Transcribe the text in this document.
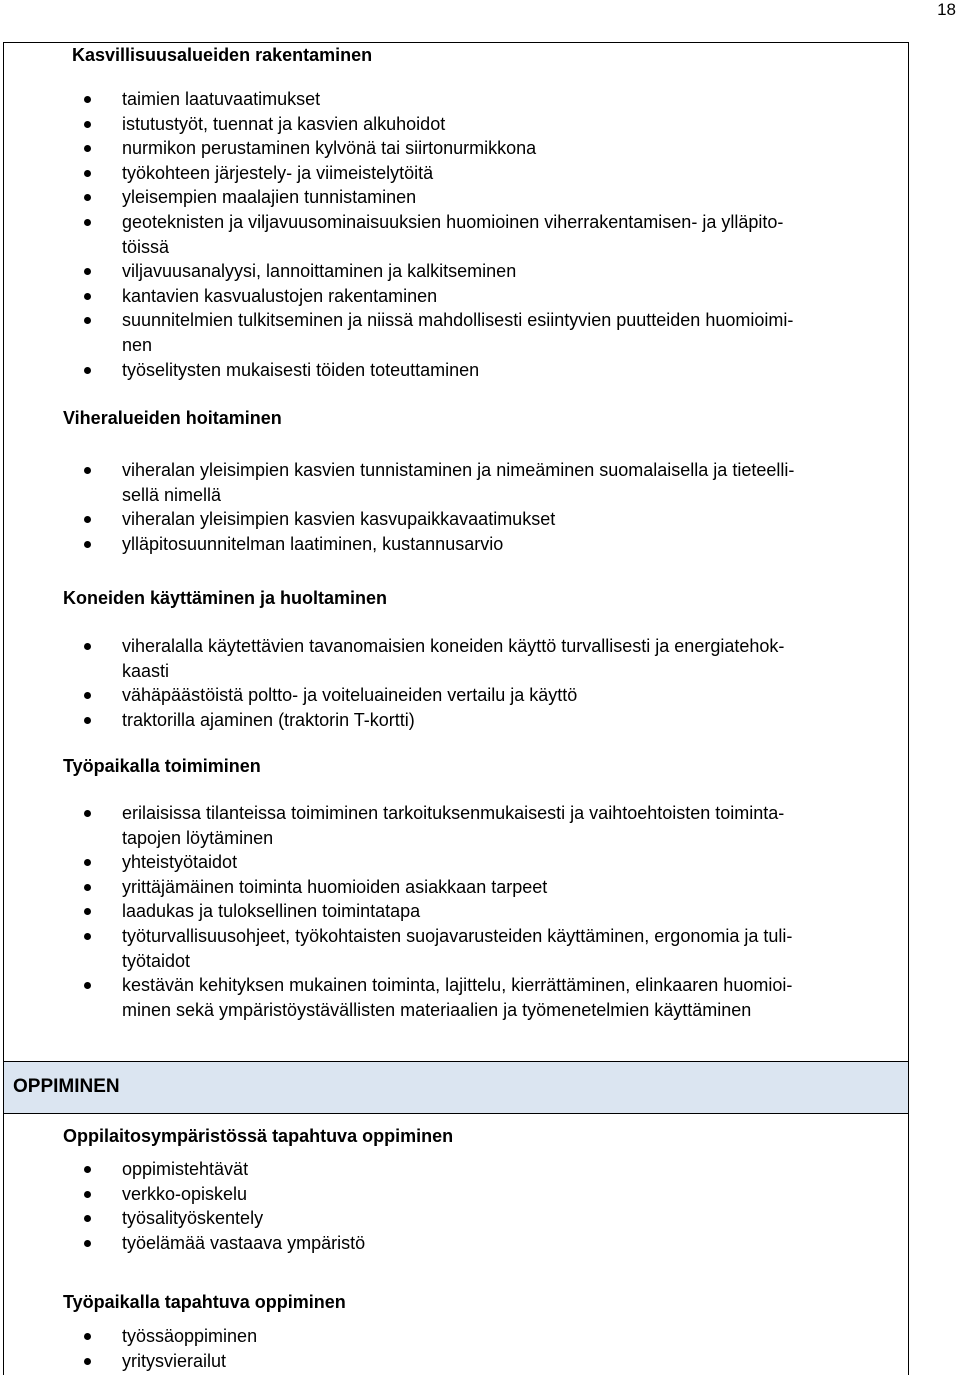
18
Kasvillisuusalueiden rakentaminen
taimien laatuvaatimukset
istutustyöt, tuennat ja kasvien alkuhoidot
nurmikon perustaminen kylvönä tai siirtonurmikkona
työkohteen järjestely- ja viimeistelytöitä
yleisempien maalajien tunnistaminen
geoteknisten ja viljavuusominaisuuksien huomioinen viherrakentamisen- ja ylläpito-
töissä
viljavuusanalyysi, lannoittaminen ja kalkitseminen
kantavien kasvualustojen rakentaminen
suunnitelmien tulkitseminen ja niissä mahdollisesti esiintyvien puutteiden huomioimi-
nen
työselitysten mukaisesti töiden toteuttaminen
Viheralueiden hoitaminen
viheralan yleisimpien kasvien tunnistaminen ja nimeäminen suomalaisella ja tieteelli-
sellä nimellä
viheralan yleisimpien kasvien kasvupaikkavaatimukset
ylläpitosuunnitelman laatiminen, kustannusarvio
Koneiden käyttäminen ja huoltaminen
viheralalla käytettävien tavanomaisien koneiden käyttö turvallisesti ja energiatehok-
kaasti
vähäpäästöistä poltto- ja voiteluaineiden vertailu ja käyttö
traktorilla ajaminen (traktorin T-kortti)
Työpaikalla toimiminen
erilaisissa tilanteissa toimiminen tarkoituksenmukaisesti ja vaihtoehtoisten toiminta-
tapojen löytäminen
yhteistyötaidot
yrittäjämäinen toiminta huomioiden asiakkaan tarpeet
laadukas ja tuloksellinen toimintatapa
työturvallisuusohjeet, työkohtaisten suojavarusteiden käyttäminen, ergonomia ja tuli-
työtaidot
kestävän kehityksen mukainen toiminta, lajittelu, kierrättäminen, elinkaaren huomioi-
minen sekä ympäristöystävällisten materiaalien ja työmenetelmien käyttäminen
OPPIMINEN
Oppilaitosympäristössä tapahtuva oppiminen
oppimistehtävät
verkko-opiskelu
työsalityöskentely
työelämää vastaava ympäristö
Työpaikalla tapahtuva oppiminen
työssäoppiminen
yritysvierailut
